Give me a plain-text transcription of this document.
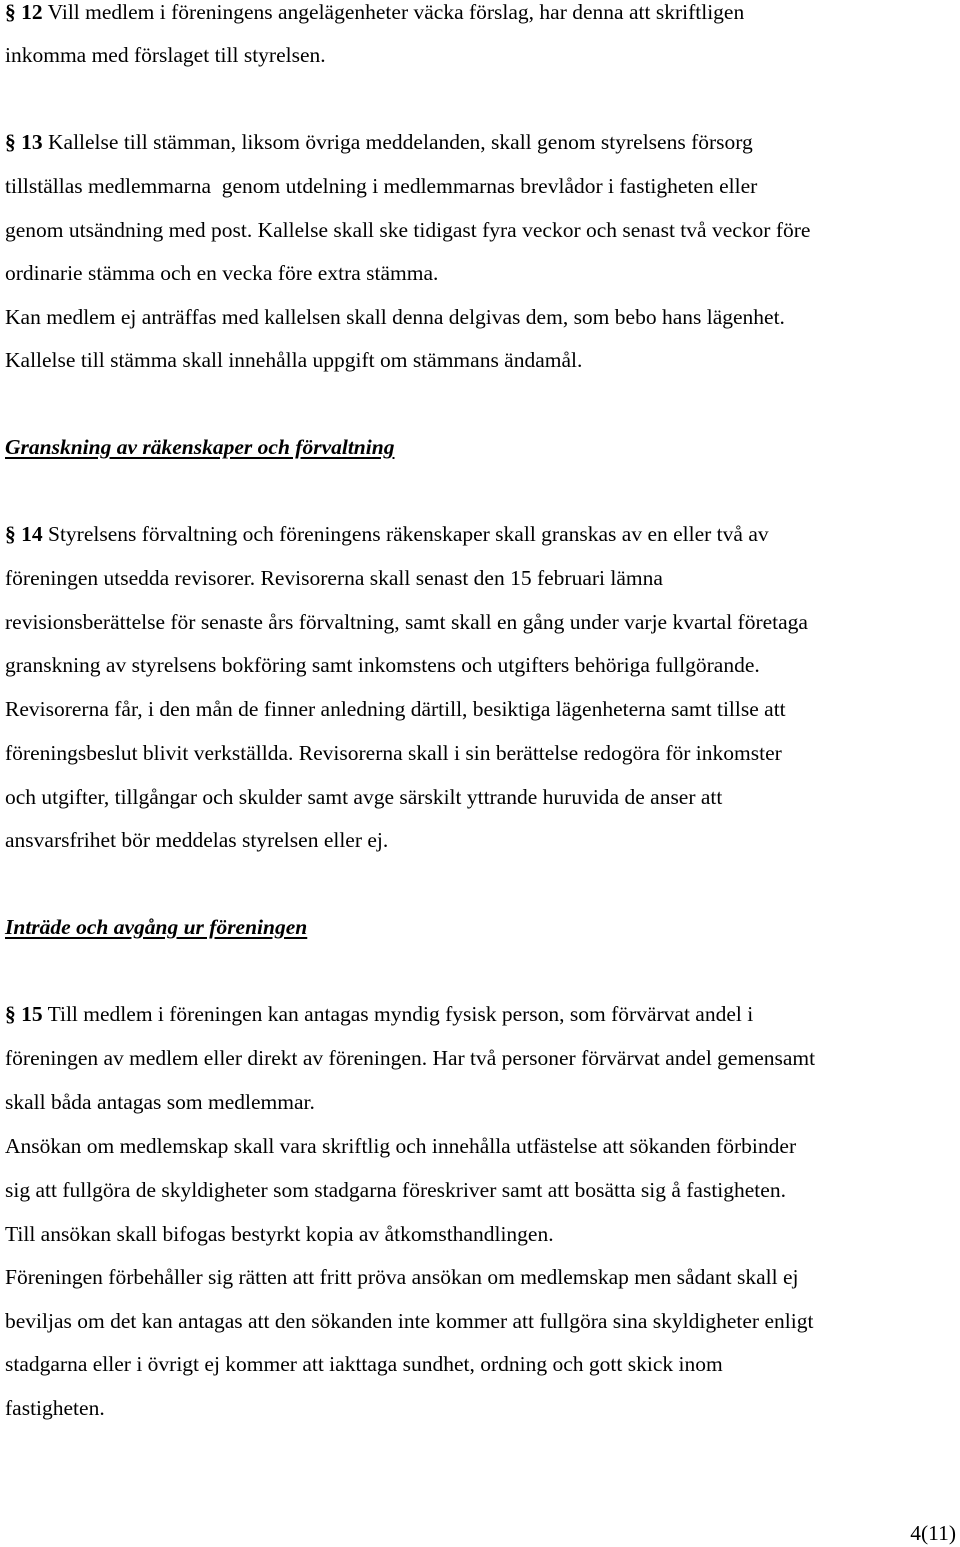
§ 12 Vill medlem i föreningens angelägenheter väcka förslag, har denna att skriftligen
inkomma med förslaget till styrelsen.
§ 13 Kallelse till stämman, liksom övriga meddelanden, skall genom styrelsens försorg
tillställas medlemmarna  genom utdelning i medlemmarnas brevlådor i fastigheten eller
genom utsändning med post. Kallelse skall ske tidigast fyra veckor och senast två veckor före
ordinarie stämma och en vecka före extra stämma.
Kan medlem ej anträffas med kallelsen skall denna delgivas dem, som bebo hans lägenhet.
Kallelse till stämma skall innehålla uppgift om stämmans ändamål.
Granskning av räkenskaper och förvaltning
§ 14 Styrelsens förvaltning och föreningens räkenskaper skall granskas av en eller två av
föreningen utsedda revisorer. Revisorerna skall senast den 15 februari lämna
revisionsberättelse för senaste års förvaltning, samt skall en gång under varje kvartal företaga
granskning av styrelsens bokföring samt inkomstens och utgifters behöriga fullgörande.
Revisorerna får, i den mån de finner anledning därtill, besiktiga lägenheterna samt tillse att
föreningsbeslut blivit verkställda. Revisorerna skall i sin berättelse redogöra för inkomster
och utgifter, tillgångar och skulder samt avge särskilt yttrande huruvida de anser att
ansvarsfrihet bör meddelas styrelsen eller ej.
Inträde och avgång ur föreningen
§ 15 Till medlem i föreningen kan antagas myndig fysisk person, som förvärvat andel i
föreningen av medlem eller direkt av föreningen. Har två personer förvärvat andel gemensamt
skall båda antagas som medlemmar.
Ansökan om medlemskap skall vara skriftlig och innehålla utfästelse att sökanden förbinder
sig att fullgöra de skyldigheter som stadgarna föreskriver samt att bosätta sig å fastigheten.
Till ansökan skall bifogas bestyrkt kopia av åtkomsthandlingen.
Föreningen förbehåller sig rätten att fritt pröva ansökan om medlemskap men sådant skall ej
beviljas om det kan antagas att den sökanden inte kommer att fullgöra sina skyldigheter enligt
stadgarna eller i övrigt ej kommer att iakttaga sundhet, ordning och gott skick inom
fastigheten.
4(11)
